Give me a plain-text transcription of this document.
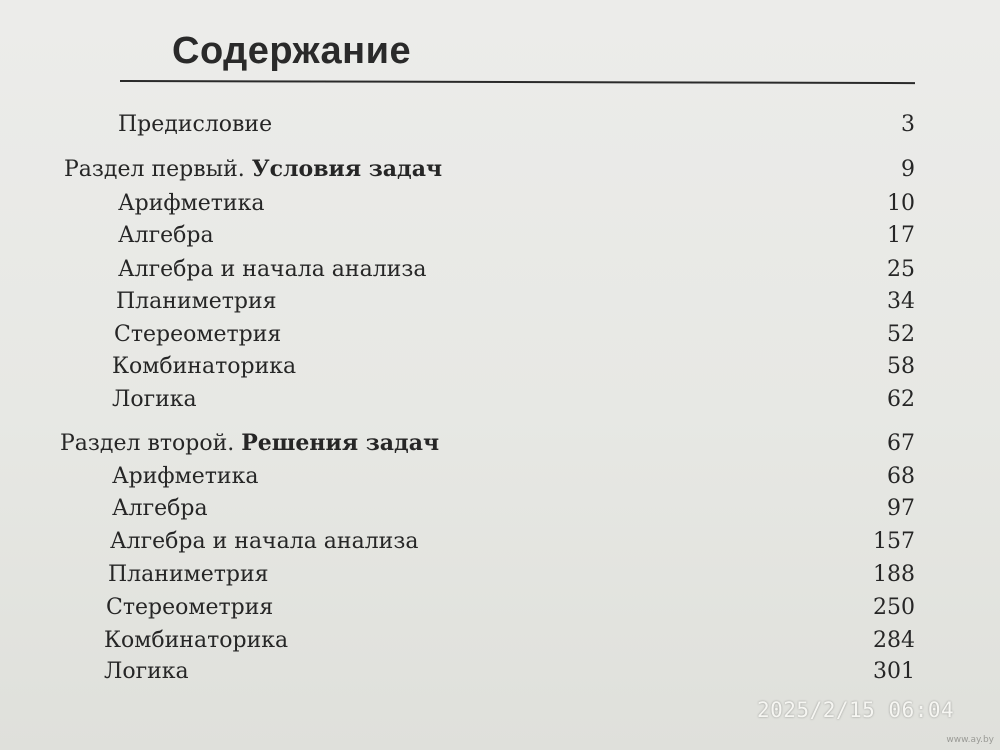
Содержание
Предисловие	3
Раздел первый. Условия задач	9
Арифметика	10
Алгебра	17
Алгебра и начала анализа	25
Планиметрия	34
Стереометрия	52
Комбинаторика	58
Логика	62
Раздел второй. Решения задач	67
Арифметика	68
Алгебра	97
Алгебра и начала анализа	157
Планиметрия	188
Стереометрия	250
Комбинаторика	284
Логика	301
2025/2/15 06:04
www.ay.by
